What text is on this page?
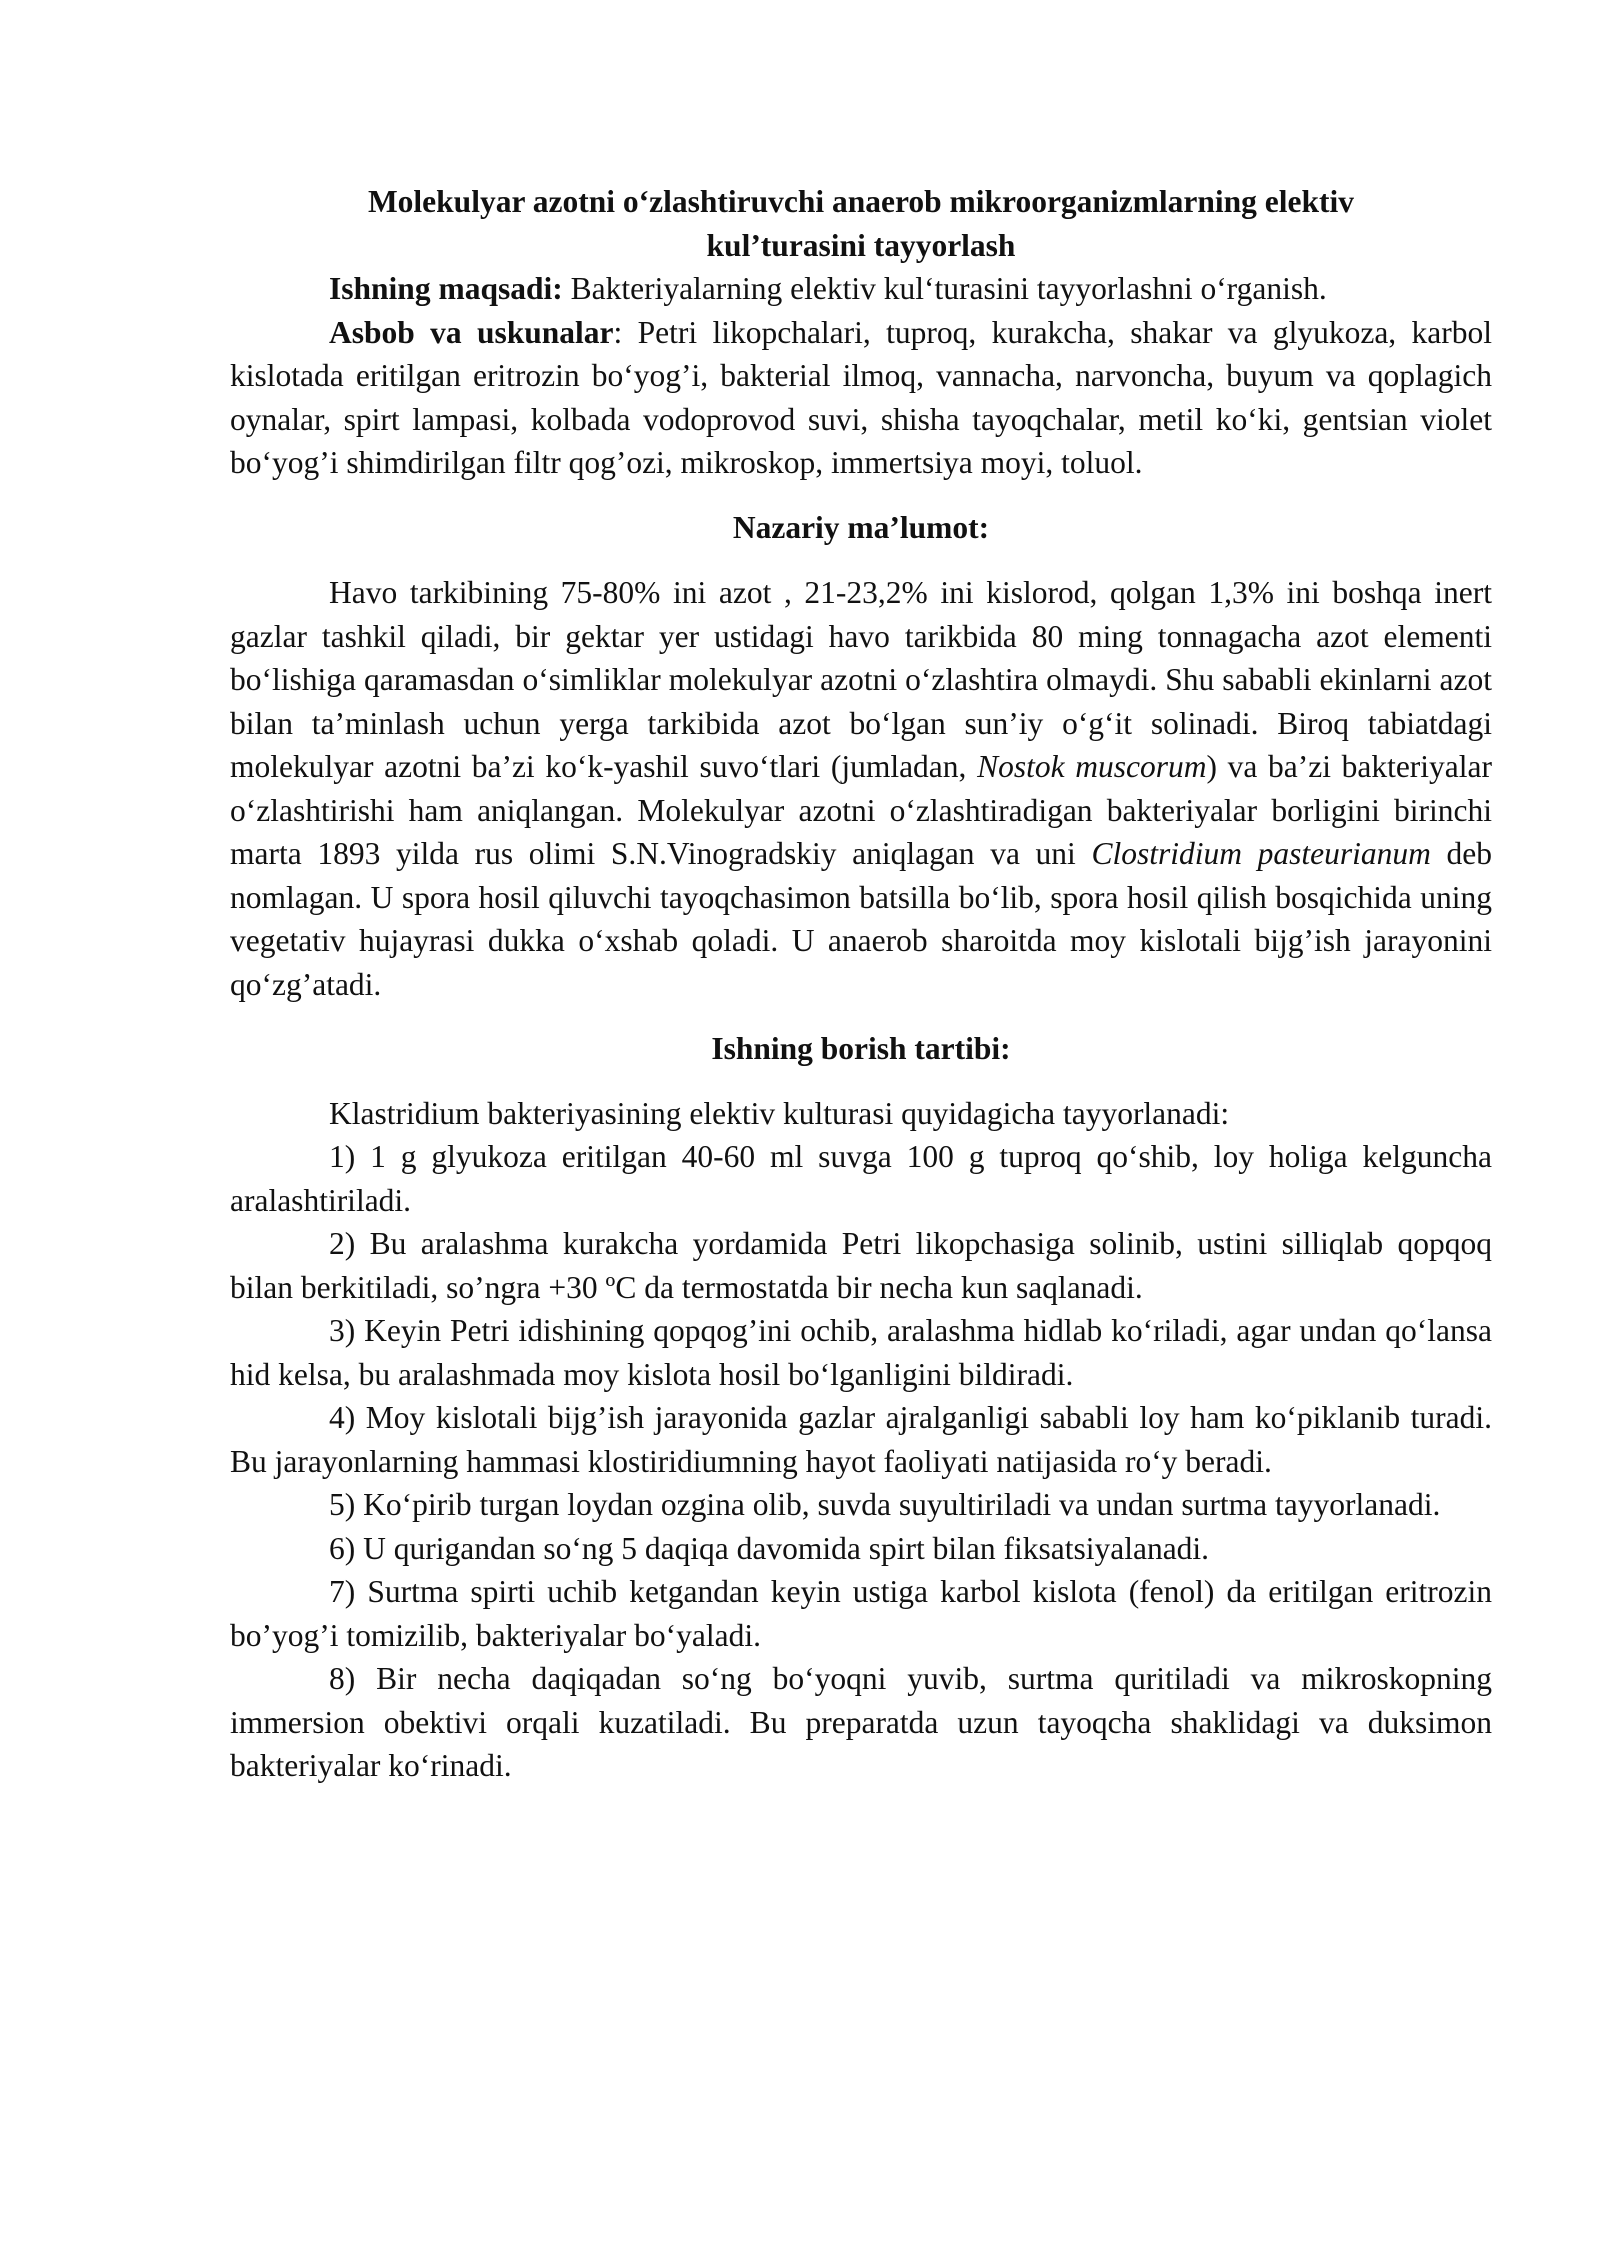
Molekulyar azotni o‘zlashtiruvchi anaerob mikroorganizmlarning elektiv
kul’turasini tayyorlash

Ishning maqsadi: Bakteriyalarning elektiv kul‘turasini tayyorlashni o‘rganish.

Asbob va uskunalar: Petri likopchalari, tuproq, kurakcha, shakar va glyukoza, karbol kislotada eritilgan eritrozin bo‘yog’i, bakterial ilmoq, vannacha, narvoncha, buyum va qoplagich oynalar, spirt lampasi, kolbada vodoprovod suvi, shisha tayoqchalar, metil ko‘ki, gentsian violet bo‘yog’i shimdirilgan filtr qog’ozi, mikroskop, immertsiya moyi, toluol.

Nazariy ma’lumot:

Havo tarkibining 75-80% ini azot , 21-23,2% ini kislorod, qolgan 1,3% ini boshqa inert gazlar tashkil qiladi, bir gektar yer ustidagi havo tarikbida 80 ming tonnagacha azot elementi bo‘lishiga qaramasdan o‘simliklar molekulyar azotni o‘zlashtira olmaydi. Shu sababli ekinlarni azot bilan ta’minlash uchun yerga tarkibida azot bo‘lgan sun’iy o‘g‘it solinadi. Biroq tabiatdagi molekulyar azotni ba’zi ko‘k-yashil suvo‘tlari (jumladan, Nostok muscorum) va ba’zi bakteriyalar o‘zlashtirishi ham aniqlangan. Molekulyar azotni o‘zlashtiradigan bakteriyalar borligini birinchi marta 1893 yilda rus olimi S.N.Vinogradskiy aniqlagan va uni Clostridium pasteurianum deb nomlagan. U spora hosil qiluvchi tayoqchasimon batsilla bo‘lib, spora hosil qilish bosqichida uning vegetativ hujayrasi dukka o‘xshab qoladi. U anaerob sharoitda moy kislotali bijg’ish jarayonini qo‘zg’atadi.

Ishning borish tartibi:

Klastridium bakteriyasining elektiv kulturasi quyidagicha tayyorlanadi:

1) 1 g glyukoza eritilgan 40-60 ml suvga 100 g tuproq qo‘shib, loy holiga kelguncha aralashtiriladi.

2) Bu aralashma kurakcha yordamida Petri likopchasiga solinib, ustini silliqlab qopqoq bilan berkitiladi, so’ngra +30 ºC da termostatda bir necha kun saqlanadi.

3) Keyin Petri idishining qopqog’ini ochib, aralashma hidlab ko‘riladi, agar undan qo‘lansa hid kelsa, bu aralashmada moy kislota hosil bo‘lganligini bildiradi.

4) Moy kislotali bijg’ish jarayonida gazlar ajralganligi sababli loy ham ko‘piklanib turadi. Bu jarayonlarning hammasi klostiridiumning hayot faoliyati natijasida ro‘y beradi.

5) Ko‘pirib turgan loydan ozgina olib, suvda suyultiriladi va undan surtma tayyorlanadi.

6) U qurigandan so‘ng 5 daqiqa davomida spirt bilan fiksatsiyalanadi.

7) Surtma spirti uchib ketgandan keyin ustiga karbol kislota (fenol) da eritilgan eritrozin bo’yog’i tomizilib, bakteriyalar bo‘yaladi.

8) Bir necha daqiqadan so‘ng bo‘yoqni yuvib, surtma quritiladi va mikroskopning immersion obektivi orqali kuzatiladi. Bu preparatda uzun tayoqcha shaklidagi va duksimon bakteriyalar ko‘rinadi.
